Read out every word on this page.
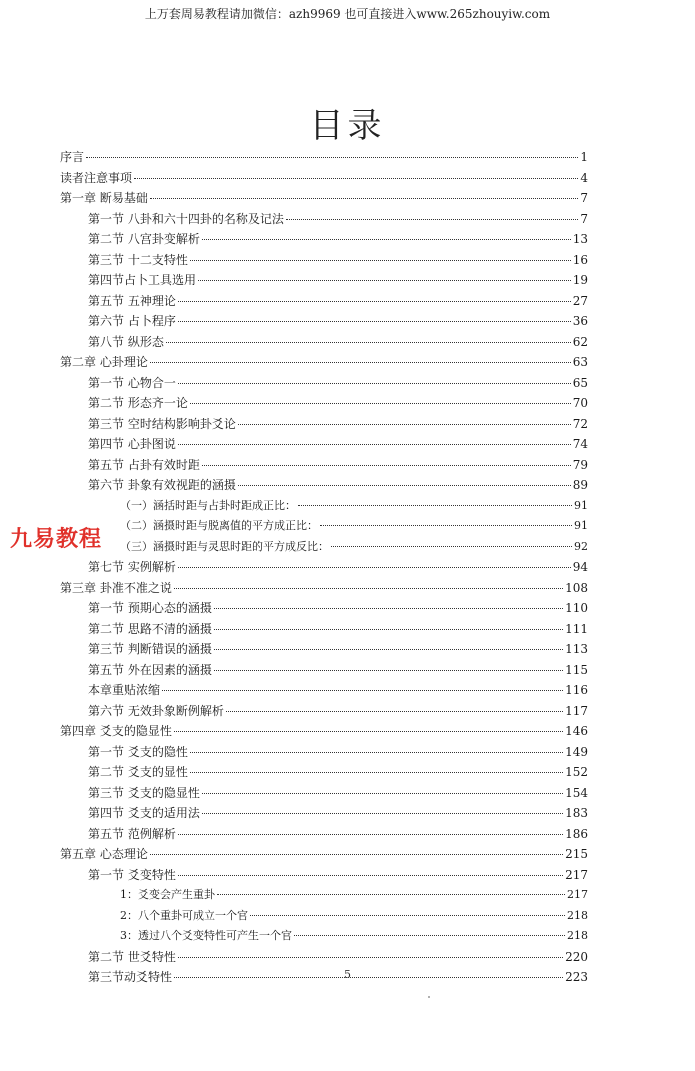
上万套周易教程请加微信：azh9969 也可直接进入www.265zhouyiw.com
目录
序言	1
读者注意事项	4
第一章 断易基础	7
第一节 八卦和六十四卦的名称及记法	7
第二节 八宫卦变解析	13
第三节 十二支特性	16
第四节占卜工具选用	19
第五节 五神理论	27
第六节 占卜程序	36
第八节 纵形态	62
第二章 心卦理论	63
第一节 心物合一	65
第二节 形态齐一论	70
第三节 空时结构影响卦爻论	72
第四节 心卦图说	74
第五节 占卦有效时距	79
第六节 卦象有效视距的涵摄	89
（一）涵括时距与占卦时距成正比：	91
（二）涵摄时距与脱离值的平方成正比：	91
（三）涵摄时距与灵思时距的平方成反比：	92
第七节 实例解析	94
第三章 卦准不准之说	108
第一节 预期心态的涵摄	110
第二节 思路不清的涵摄	111
第三节 判断错误的涵摄	113
第五节 外在因素的涵摄	115
本章重贴浓缩	116
第六节 无效卦象断例解析	117
第四章 爻支的隐显性	146
第一节 爻支的隐性	149
第二节 爻支的显性	152
第三节 爻支的隐显性	154
第四节 爻支的适用法	183
第五节 范例解析	186
第五章 心态理论	215
第一节 爻变特性	217
1：爻变会产生重卦	217
2：八个重卦可成立一个官	218
3：透过八个爻变特性可产生一个官	218
第二节 世爻特性	220
第三节动爻特性	223
九易教程
5
